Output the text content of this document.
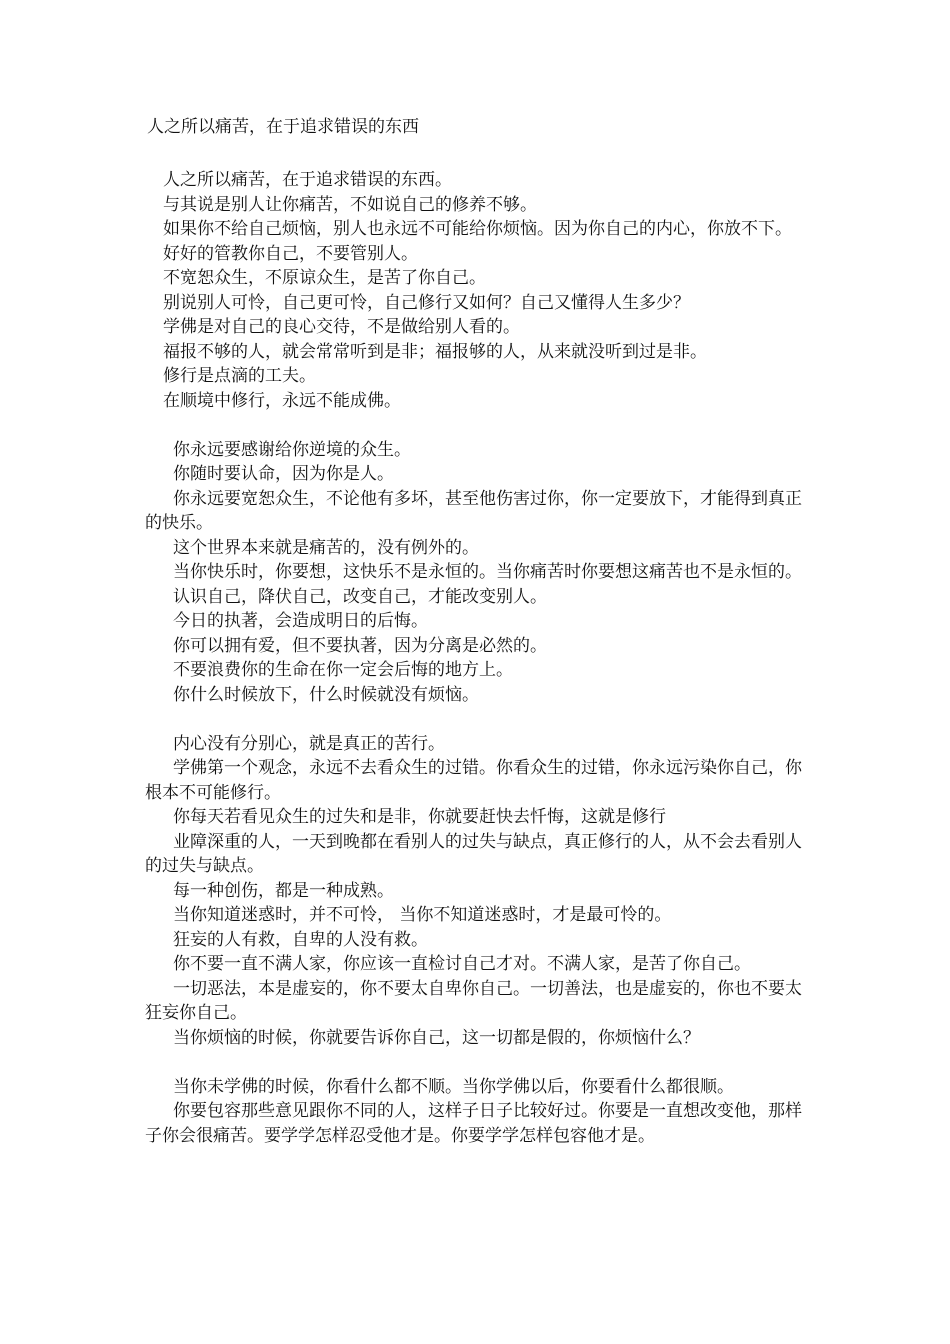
人之所以痛苦，在于追求错误的东西

人之所以痛苦，在于追求错误的东西。

与其说是别人让你痛苦，不如说自己的修养不够。

如果你不给自己烦恼，别人也永远不可能给你烦恼。因为你自己的内心，你放不下。

好好的管教你自己，不要管别人。

不宽恕众生，不原谅众生，是苦了你自己。

别说别人可怜，自己更可怜，自己修行又如何？自己又懂得人生多少？

学佛是对自己的良心交待，不是做给别人看的。

福报不够的人，就会常常听到是非；福报够的人，从来就没听到过是非。

修行是点滴的工夫。

在顺境中修行，永远不能成佛。

你永远要感谢给你逆境的众生。

你随时要认命，因为你是人。

你永远要宽恕众生，不论他有多坏，甚至他伤害过你，你一定要放下，才能得到真正的快乐。

这个世界本来就是痛苦的，没有例外的。

当你快乐时，你要想，这快乐不是永恒的。当你痛苦时你要想这痛苦也不是永恒的。

认识自己，降伏自己，改变自己，才能改变别人。

今日的执著，会造成明日的后悔。

你可以拥有爱，但不要执著，因为分离是必然的。

不要浪费你的生命在你一定会后悔的地方上。

你什么时候放下，什么时候就没有烦恼。

内心没有分别心，就是真正的苦行。

学佛第一个观念，永远不去看众生的过错。你看众生的过错，你永远污染你自己，你根本不可能修行。

你每天若看见众生的过失和是非，你就要赶快去忏悔，这就是修行

业障深重的人，一天到晚都在看别人的过失与缺点，真正修行的人，从不会去看别人的过失与缺点。

每一种创伤，都是一种成熟。

当你知道迷惑时，并不可怜， 当你不知道迷惑时，才是最可怜的。

狂妄的人有救，自卑的人没有救。

你不要一直不满人家，你应该一直检讨自己才对。不满人家，是苦了你自己。

一切恶法，本是虚妄的，你不要太自卑你自己。一切善法，也是虚妄的，你也不要太狂妄你自己。

当你烦恼的时候，你就要告诉你自己，这一切都是假的，你烦恼什么？

当你未学佛的时候，你看什么都不顺。当你学佛以后，你要看什么都很顺。

你要包容那些意见跟你不同的人，这样子日子比较好过。你要是一直想改变他，那样子你会很痛苦。要学学怎样忍受他才是。你要学学怎样包容他才是。
